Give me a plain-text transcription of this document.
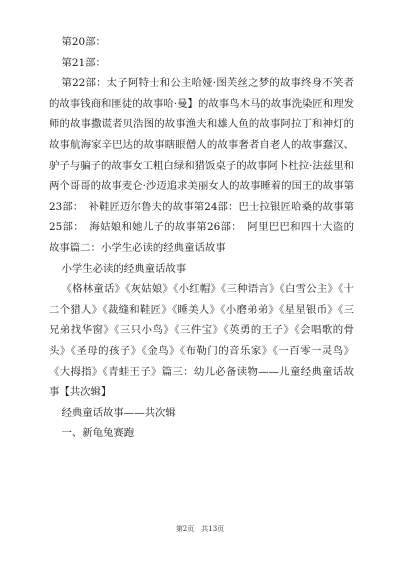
第20部：

第21部：

第22部：太子阿特士和公主哈娅·图芙丝之梦的故事终身不笑者的故事钱商和匪徒的故事哈·曼】的故事鸟木马的故事洗染匠和理发师的故事撒谎者贝浩图的故事渔夫和雄人鱼的故事阿拉丁和神灯的故事航海家辛巴达的故事瞎眼僧人的故事奢者自老人的故事蠢汉、驴子与骗子的故事女工粗白绿和猎饭桌子的故事阿卜杜拉·法兹里和两个哥哥的故事麦仑·沙迈追求美丽女人的故事睡着的国王的故事第23部：　补鞋匠迈尔鲁夫的故事第24部：巴士拉银匠哈桑的故事第25部：　海姑娘和她儿子的故事第26部：　阿里巴巴和四十大盗的故事篇二：小学生必读的经典童话故事

小学生必读的经典童话故事

《格林童话》《灰姑娘》《小红帽》《三种语言》《白雪公主》《十二个猎人》《裁缝和鞋匠》《睡美人》《小磨弟弟》《星星银币》《三兄弟找华窗》《三只小鸟》《三件宝》《英勇的王子》《会唱歌的骨头》《圣母的孩子》《金鸟》《布勒门的音乐家》《一百零一灵鸟》《大拇指》《青蛙王子》篇三：幼儿必备读物——儿童经典童话故事【共次辑】

经典童话故事——共次辑

一、新龟兔赛跑

第2页　共13页
